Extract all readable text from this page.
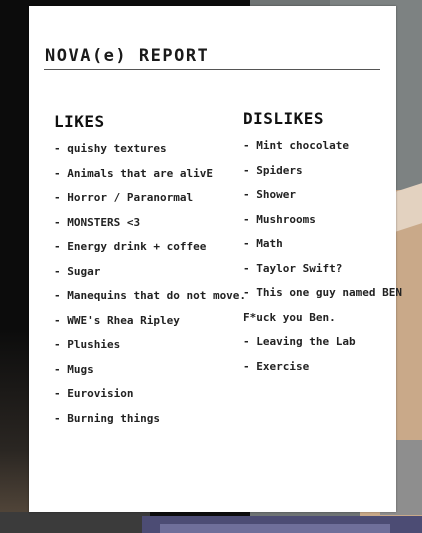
NOVA(e) REPORT
LIKES
- quishy textures
- Animals that are alivE
- Horror / Paranormal
- MONSTERS <3
- Energy drink + coffee
- Sugar
- Manequins that do not move.
- WWE's Rhea Ripley
- Plushies
- Mugs
- Eurovision
- Burning things
DISLIKES
- Mint chocolate
- Spiders
- Shower
- Mushrooms
- Math
- Taylor Swift?
- This one guy named BEN
F*uck you Ben.
- Leaving the Lab
- Exercise
